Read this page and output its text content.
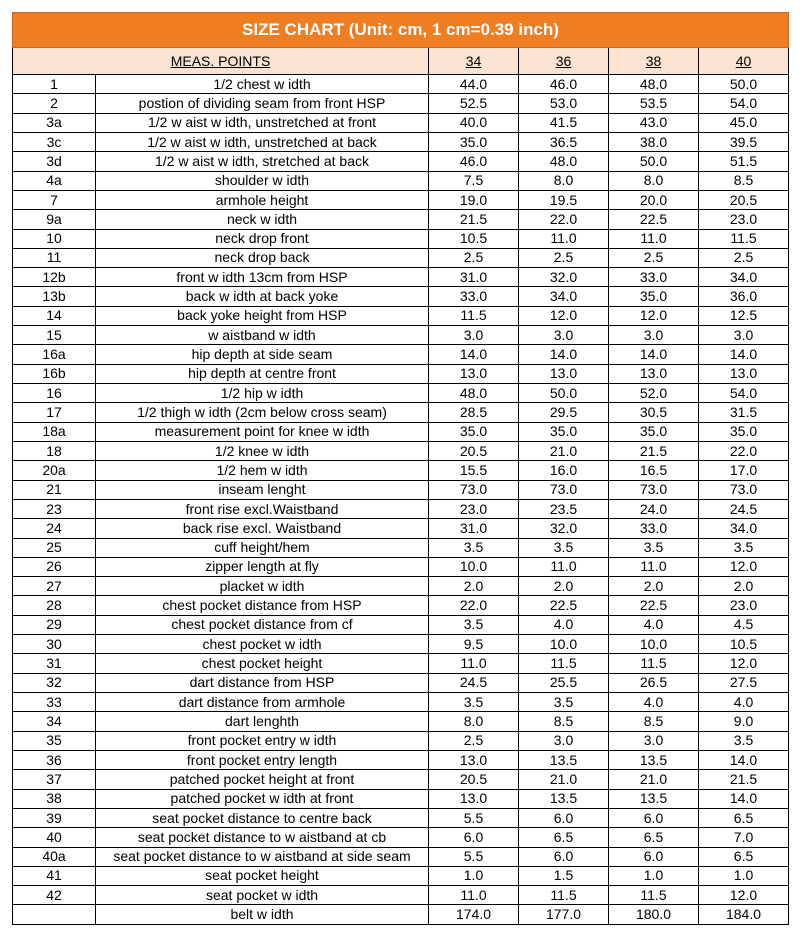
SIZE CHART (Unit: cm, 1 cm=0.39 inch)					
MEAS. POINTS		34	36	38	40
1	1/2 chest w idth	44.0	46.0	48.0	50.0
2	postion of dividing seam from front HSP	52.5	53.0	53.5	54.0
3a	1/2 w aist w idth, unstretched at front	40.0	41.5	43.0	45.0
3c	1/2 w aist w idth, unstretched at back	35.0	36.5	38.0	39.5
3d	1/2 w aist w idth, stretched at back	46.0	48.0	50.0	51.5
4a	shoulder w idth	7.5	8.0	8.0	8.5
7	armhole height	19.0	19.5	20.0	20.5
9a	neck w idth	21.5	22.0	22.5	23.0
10	neck drop front	10.5	11.0	11.0	11.5
11	neck drop back	2.5	2.5	2.5	2.5
12b	front w idth 13cm from HSP	31.0	32.0	33.0	34.0
13b	back w idth at back yoke	33.0	34.0	35.0	36.0
14	back yoke height from HSP	11.5	12.0	12.0	12.5
15	w aistband w idth	3.0	3.0	3.0	3.0
16a	hip depth at side seam	14.0	14.0	14.0	14.0
16b	hip depth at centre front	13.0	13.0	13.0	13.0
16	1/2 hip w idth	48.0	50.0	52.0	54.0
17	1/2 thigh w idth (2cm below cross seam)	28.5	29.5	30.5	31.5
18a	measurement point for knee w idth	35.0	35.0	35.0	35.0
18	1/2 knee w idth	20.5	21.0	21.5	22.0
20a	1/2 hem w idth	15.5	16.0	16.5	17.0
21	inseam lenght	73.0	73.0	73.0	73.0
23	front rise excl.Waistband	23.0	23.5	24.0	24.5
24	back rise excl. Waistband	31.0	32.0	33.0	34.0
25	cuff height/hem	3.5	3.5	3.5	3.5
26	zipper length at fly	10.0	11.0	11.0	12.0
27	placket w idth	2.0	2.0	2.0	2.0
28	chest pocket distance from HSP	22.0	22.5	22.5	23.0
29	chest pocket distance from cf	3.5	4.0	4.0	4.5
30	chest pocket w idth	9.5	10.0	10.0	10.5
31	chest pocket height	11.0	11.5	11.5	12.0
32	dart distance from HSP	24.5	25.5	26.5	27.5
33	dart distance from armhole	3.5	3.5	4.0	4.0
34	dart lenghth	8.0	8.5	8.5	9.0
35	front pocket entry w idth	2.5	3.0	3.0	3.5
36	front pocket entry length	13.0	13.5	13.5	14.0
37	patched pocket height at front	20.5	21.0	21.0	21.5
38	patched pocket w idth at front	13.0	13.5	13.5	14.0
39	seat pocket distance to centre back	5.5	6.0	6.0	6.5
40	seat pocket distance to w aistband at cb	6.0	6.5	6.5	7.0
40a	seat pocket distance to w aistband at side seam	5.5	6.0	6.0	6.5
41	seat pocket height	1.0	1.5	1.0	1.0
42	seat pocket w idth	11.0	11.5	11.5	12.0
	belt w idth	174.0	177.0	180.0	184.0
